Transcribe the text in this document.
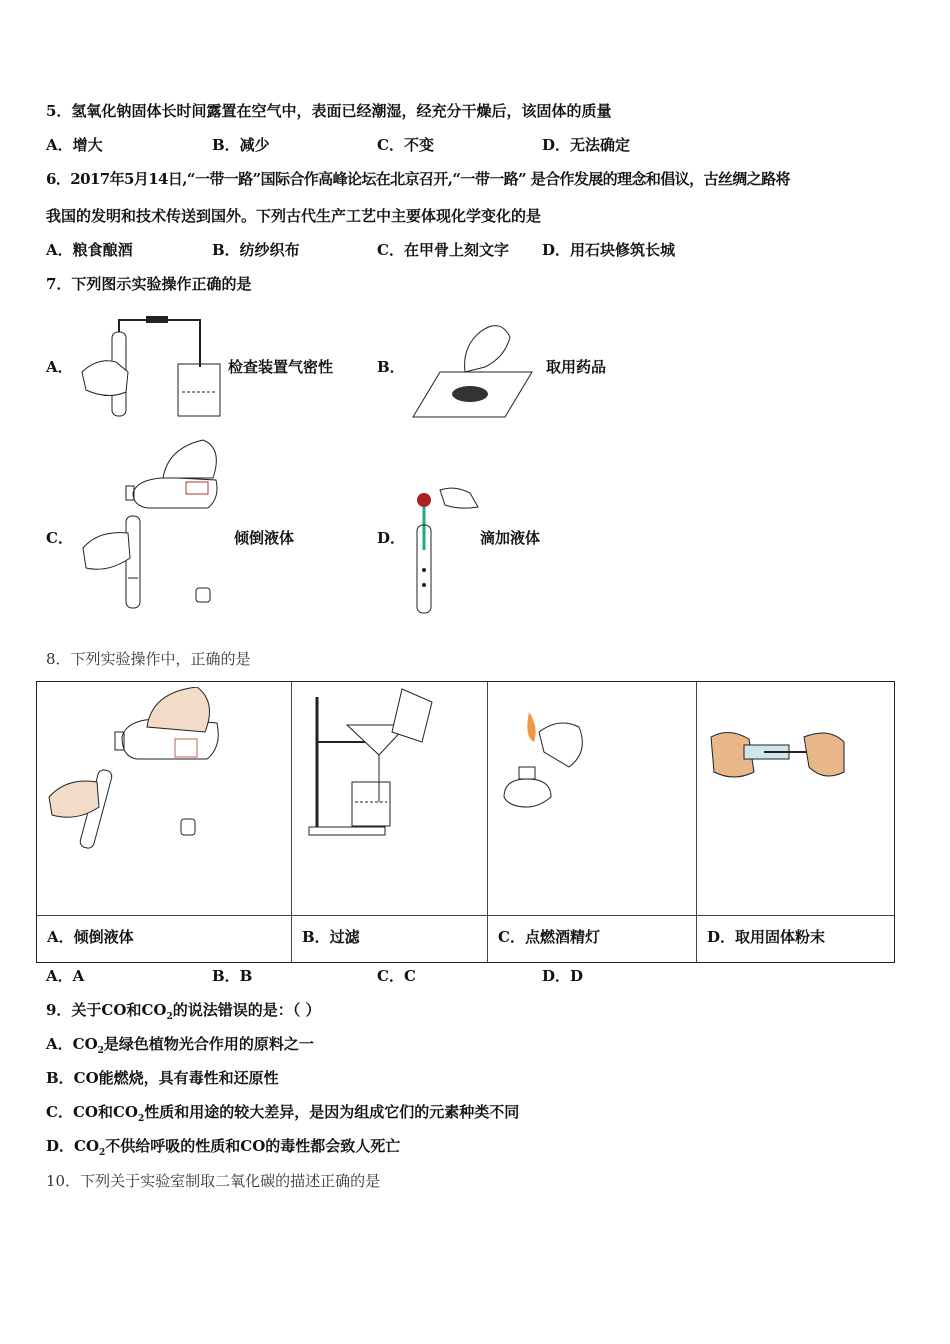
5．氢氧化钠固体长时间露置在空气中，表面已经潮湿，经充分干燥后，该固体的质量
A．增大	B．减少	C．不变	D．无法确定
6．2017年5月14日,“一带一路”国际合作高峰论坛在北京召开,“一带一路” 是合作发展的理念和倡议，古丝绸之路将
我国的发明和技术传送到国外。下列古代生产工艺中主要体现化学变化的是
A．粮食酿酒	B．纺纱织布	C．在甲骨上刻文字 D．用石块修筑长城
7．下列图示实验操作正确的是
A．	检查装置气密性	B．	取用药品
C．	倾倒液体	D．	滴加液体
8．下列实验操作中，正确的是
A．倾倒液体	B．过滤	C．点燃酒精灯	D．取用固体粉末
A．A	B．B	C．C	D．D
9．关于CO和$CO_2$的说法错误的是：（ ）
A．$CO_2$是绿色植物光合作用的原料之一
B．CO能燃烧，具有毒性和还原性
C．CO和$CO_2$性质和用途的较大差异，是因为组成它们的元素种类不同
D．$CO_2$不供给呼吸的性质和CO的毒性都会致人死亡
10．下列关于实验室制取二氧化碳的描述正确的是
